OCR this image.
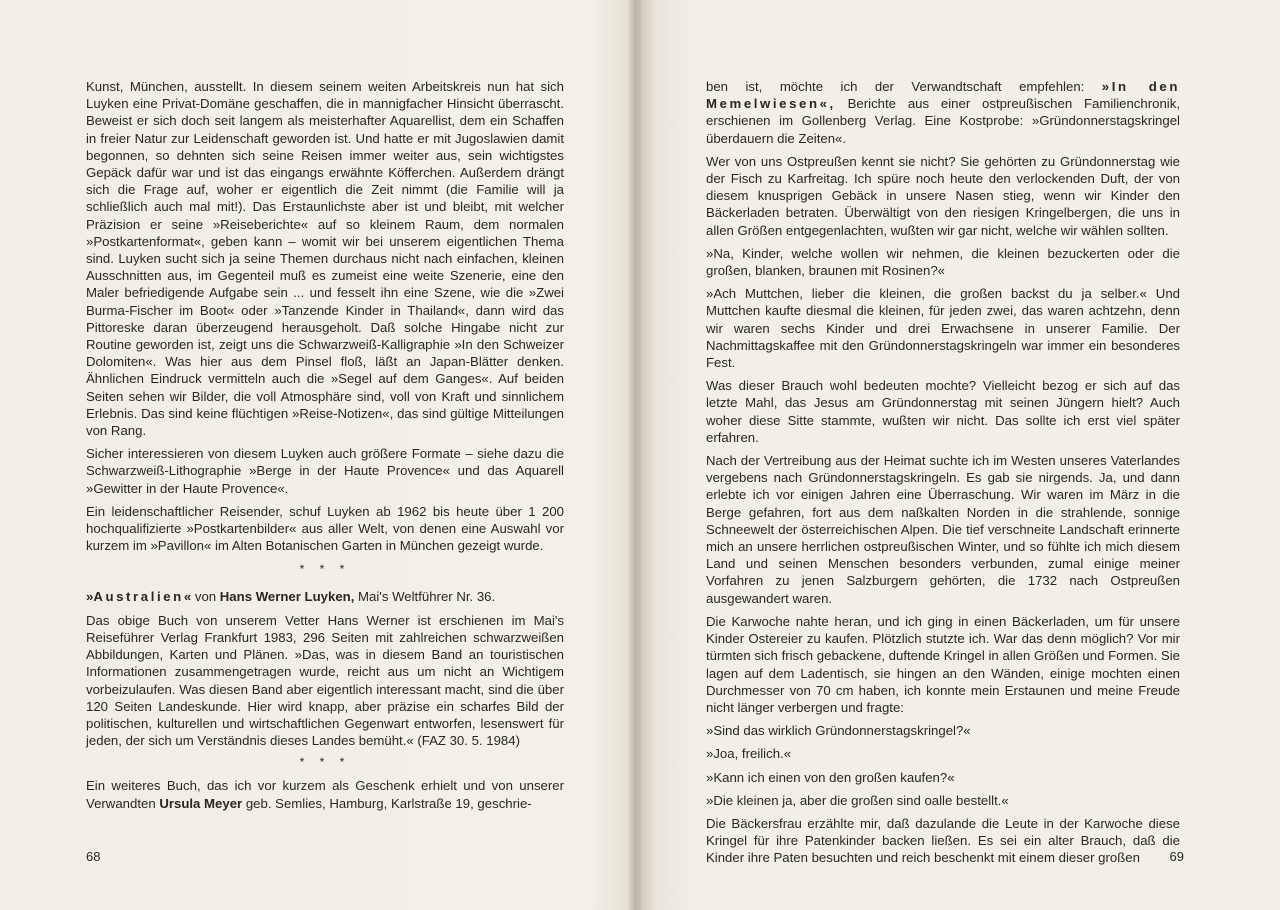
Kunst, München, ausstellt. In diesem seinem weiten Arbeitskreis nun hat sich Luyken eine Privat-Domäne geschaffen, die in mannigfacher Hinsicht überrascht. Beweist er sich doch seit langem als meisterhafter Aquarellist, dem ein Schaffen in freier Natur zur Leidenschaft geworden ist. Und hatte er mit Jugoslawien damit begonnen, so dehnten sich seine Reisen immer weiter aus, sein wichtigstes Gepäck dafür war und ist das eingangs erwähnte Köfferchen. Außerdem drängt sich die Frage auf, woher er eigentlich die Zeit nimmt (die Familie will ja schließlich auch mal mit!). Das Erstaunlichste aber ist und bleibt, mit welcher Präzision er seine »Reiseberichte« auf so kleinem Raum, dem normalen »Postkartenformat«, geben kann – womit wir bei unserem eigentlichen Thema sind. Luyken sucht sich ja seine Themen durchaus nicht nach einfachen, kleinen Ausschnitten aus, im Gegenteil muß es zumeist eine weite Szenerie, eine den Maler befriedigende Aufgabe sein ... und fesselt ihn eine Szene, wie die »Zwei Burma-Fischer im Boot« oder »Tanzende Kinder in Thailand«, dann wird das Pittoreske daran überzeugend herausgeholt. Daß solche Hingabe nicht zur Routine geworden ist, zeigt uns die Schwarzweiß-Kalligraphie »In den Schweizer Dolomiten«. Was hier aus dem Pinsel floß, läßt an Japan-Blätter denken. Ähnlichen Eindruck vermitteln auch die »Segel auf dem Ganges«. Auf beiden Seiten sehen wir Bilder, die voll Atmosphäre sind, voll von Kraft und sinnlichem Erlebnis. Das sind keine flüchtigen »Reise-Notizen«, das sind gültige Mitteilungen von Rang.

Sicher interessieren von diesem Luyken auch größere Formate – siehe dazu die Schwarzweiß-Lithographie »Berge in der Haute Provence« und das Aquarell »Gewitter in der Haute Provence«.

Ein leidenschaftlicher Reisender, schuf Luyken ab 1962 bis heute über 1 200 hochqualifizierte »Postkartenbilder« aus aller Welt, von denen eine Auswahl vor kurzem im »Pavillon« im Alten Botanischen Garten in München gezeigt wurde.

* * *

»Australien« von Hans Werner Luyken, Mai's Weltführer Nr. 36.

Das obige Buch von unserem Vetter Hans Werner ist erschienen im Mai's Reiseführer Verlag Frankfurt 1983, 296 Seiten mit zahlreichen schwarzweißen Abbildungen, Karten und Plänen. »Das, was in diesem Band an touristischen Informationen zusammengetragen wurde, reicht aus um nicht an Wichtigem vorbeizulaufen. Was diesen Band aber eigentlich interessant macht, sind die über 120 Seiten Landeskunde. Hier wird knapp, aber präzise ein scharfes Bild der politischen, kulturellen und wirtschaftlichen Gegenwart entworfen, lesenswert für jeden, der sich um Verständnis dieses Landes bemüht.« (FAZ 30. 5. 1984)

* * *

Ein weiteres Buch, das ich vor kurzem als Geschenk erhielt und von unserer Verwandten Ursula Meyer geb. Semlies, Hamburg, Karlstraße 19, geschrie-

68

ben ist, möchte ich der Verwandtschaft empfehlen: »In den Memelwiesen«, Berichte aus einer ostpreußischen Familienchronik, erschienen im Gollenberg Verlag. Eine Kostprobe: »Gründonnerstagskringel überdauern die Zeiten«.

Wer von uns Ostpreußen kennt sie nicht? Sie gehörten zu Gründonnerstag wie der Fisch zu Karfreitag. Ich spüre noch heute den verlockenden Duft, der von diesem knusprigen Gebäck in unsere Nasen stieg, wenn wir Kinder den Bäckerladen betraten. Überwältigt von den riesigen Kringelbergen, die uns in allen Größen entgegenlachten, wußten wir gar nicht, welche wir wählen sollten.

»Na, Kinder, welche wollen wir nehmen, die kleinen bezuckerten oder die großen, blanken, braunen mit Rosinen?«

»Ach Muttchen, lieber die kleinen, die großen backst du ja selber.« Und Muttchen kaufte diesmal die kleinen, für jeden zwei, das waren achtzehn, denn wir waren sechs Kinder und drei Erwachsene in unserer Familie. Der Nachmittagskaffee mit den Gründonnerstagskringeln war immer ein besonderes Fest.

Was dieser Brauch wohl bedeuten mochte? Vielleicht bezog er sich auf das letzte Mahl, das Jesus am Gründonnerstag mit seinen Jüngern hielt? Auch woher diese Sitte stammte, wußten wir nicht. Das sollte ich erst viel später erfahren.

Nach der Vertreibung aus der Heimat suchte ich im Westen unseres Vaterlandes vergebens nach Gründonnerstagskringeln. Es gab sie nirgends. Ja, und dann erlebte ich vor einigen Jahren eine Überraschung. Wir waren im März in die Berge gefahren, fort aus dem naßkalten Norden in die strahlende, sonnige Schneewelt der österreichischen Alpen. Die tief verschneite Landschaft erinnerte mich an unsere herrlichen ostpreußischen Winter, und so fühlte ich mich diesem Land und seinen Menschen besonders verbunden, zumal einige meiner Vorfahren zu jenen Salzburgern gehörten, die 1732 nach Ostpreußen ausgewandert waren.

Die Karwoche nahte heran, und ich ging in einen Bäckerladen, um für unsere Kinder Ostereier zu kaufen. Plötzlich stutzte ich. War das denn möglich? Vor mir türmten sich frisch gebackene, duftende Kringel in allen Größen und Formen. Sie lagen auf dem Ladentisch, sie hingen an den Wänden, einige mochten einen Durchmesser von 70 cm haben, ich konnte mein Erstaunen und meine Freude nicht länger verbergen und fragte:

»Sind das wirklich Gründonnerstagskringel?«

»Joa, freilich.«

»Kann ich einen von den großen kaufen?«

»Die kleinen ja, aber die großen sind oalle bestellt.«

Die Bäckersfrau erzählte mir, daß dazulande die Leute in der Karwoche diese Kringel für ihre Patenkinder backen ließen. Es sei ein alter Brauch, daß die Kinder ihre Paten besuchten und reich beschenkt mit einem dieser großen	69
